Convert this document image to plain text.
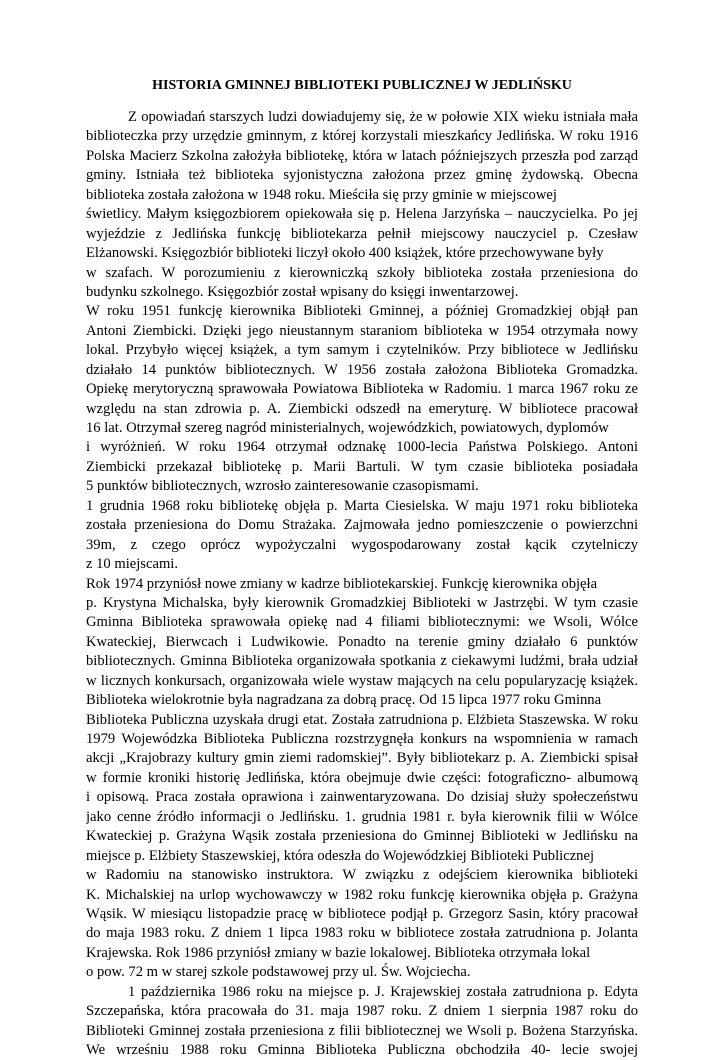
HISTORIA GMINNEJ BIBLIOTEKI PUBLICZNEJ W JEDLIŃSKU
Z opowiadań starszych ludzi dowiadujemy się, że w połowie XIX wieku istniała mała
biblioteczka przy urzędzie gminnym, z której korzystali mieszkańcy Jedlińska. W roku 1916
Polska Macierz Szkolna założyła bibliotekę, która w latach późniejszych przeszła pod zarząd
gminy. Istniała też biblioteka syjonistyczna założona przez gminę żydowską. Obecna
biblioteka została założona w 1948 roku. Mieściła się przy gminie w miejscowej
świetlicy. Małym księgozbiorem opiekowała się p. Helena Jarzyńska – nauczycielka. Po jej
wyjeździe z Jedlińska funkcję bibliotekarza pełnił miejscowy nauczyciel p. Czesław
Elżanowski. Księgozbiór biblioteki liczył około 400 książek, które przechowywane były
w szafach. W porozumieniu z kierowniczką szkoły biblioteka została przeniesiona do
budynku szkolnego. Księgozbiór został wpisany do księgi inwentarzowej.
W roku 1951 funkcję kierownika Biblioteki Gminnej, a później Gromadzkiej objął pan
Antoni Ziembicki. Dzięki jego nieustannym staraniom biblioteka w 1954 otrzymała nowy
lokal. Przybyło więcej książek, a tym samym i czytelników. Przy bibliotece w Jedlińsku
działało 14 punktów bibliotecznych. W 1956 została założona Biblioteka Gromadzka.
Opiekę merytoryczną sprawowała Powiatowa Biblioteka w Radomiu. 1 marca 1967 roku ze
względu na stan zdrowia p. A. Ziembicki odszedł na emeryturę. W bibliotece pracował
16 lat. Otrzymał szereg nagród ministerialnych, wojewódzkich, powiatowych, dyplomów
i wyróżnień. W roku 1964 otrzymał odznakę 1000-lecia Państwa Polskiego. Antoni
Ziembicki przekazał bibliotekę p. Marii Bartuli. W tym czasie biblioteka posiadała
5 punktów bibliotecznych, wzrosło zainteresowanie czasopismami.
1 grudnia 1968 roku bibliotekę objęła p. Marta Ciesielska. W maju 1971 roku biblioteka
została przeniesiona do Domu Strażaka. Zajmowała jedno pomieszczenie o powierzchni
39m, z czego oprócz wypożyczalni wygospodarowany został kącik czytelniczy
z 10 miejscami.
Rok 1974 przyniósł nowe zmiany w kadrze bibliotekarskiej. Funkcję kierownika objęła
p. Krystyna Michalska, były kierownik Gromadzkiej Biblioteki w Jastrzębi. W tym czasie
Gminna Biblioteka sprawowała opiekę nad 4 filiami bibliotecznymi: we Wsoli, Wólce
Kwateckiej, Bierwcach i Ludwikowie. Ponadto na terenie gminy działało 6 punktów
bibliotecznych. Gminna Biblioteka organizowała spotkania z ciekawymi ludźmi, brała udział
w licznych konkursach, organizowała wiele wystaw mających na celu popularyzację książek.
Biblioteka wielokrotnie była nagradzana za dobrą pracę. Od 15 lipca 1977 roku Gminna
Biblioteka Publiczna uzyskała drugi etat. Została zatrudniona p. Elżbieta Staszewska. W roku
1979 Wojewódzka Biblioteka Publiczna rozstrzygnęła konkurs na wspomnienia w ramach
akcji „Krajobrazy kultury gmin ziemi radomskiej”. Były bibliotekarz p. A. Ziembicki spisał
w formie kroniki historię Jedlińska, która obejmuje dwie części: fotograficzno- albumową
i opisową. Praca została oprawiona i zainwentaryzowana. Do dzisiaj służy społeczeństwu
jako cenne źródło informacji o Jedlińsku. 1. grudnia 1981 r. była kierownik filii w Wólce
Kwateckiej p. Grażyna Wąsik została przeniesiona do Gminnej Biblioteki w Jedlińsku na
miejsce p. Elżbiety Staszewskiej, która odeszła do Wojewódzkiej Biblioteki Publicznej
w Radomiu na stanowisko instruktora. W związku z odejściem kierownika biblioteki
K. Michalskiej na urlop wychowawczy w 1982 roku funkcję kierownika objęła p. Grażyna
Wąsik. W miesiącu listopadzie pracę w bibliotece podjął p. Grzegorz Sasin, który pracował
do maja 1983 roku. Z dniem 1 lipca 1983 roku w bibliotece została zatrudniona p. Jolanta
Krajewska. Rok 1986 przyniósł zmiany w bazie lokalowej. Biblioteka otrzymała lokal
o pow. 72 m w starej szkole podstawowej przy ul. Św. Wojciecha.
1 października 1986 roku na miejsce p. J. Krajewskiej została zatrudniona p. Edyta
Szczepańska, która pracowała do 31. maja 1987 roku. Z dniem 1 sierpnia 1987 roku do
Biblioteki Gminnej została przeniesiona z filii bibliotecznej we Wsoli p. Bożena Starzyńska.
We wrześniu 1988 roku Gminna Biblioteka Publiczna obchodziła 40- lecie swojej
